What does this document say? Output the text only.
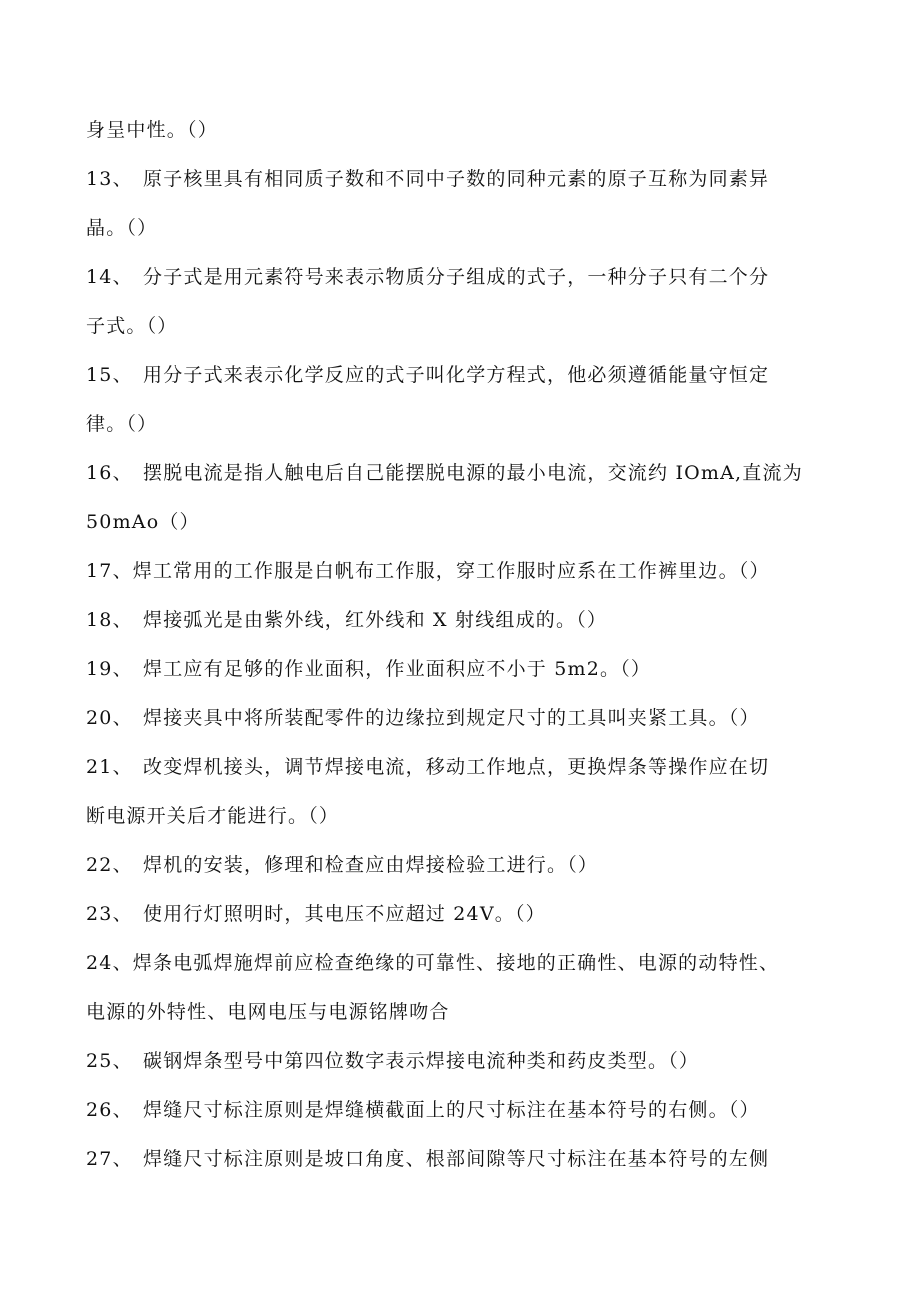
身呈中性。（）
13、 原子核里具有相同质子数和不同中子数的同种元素的原子互称为同素异
晶。（）
14、 分子式是用元素符号来表示物质分子组成的式子，一种分子只有二个分
子式。（）
15、 用分子式来表示化学反应的式子叫化学方程式，他必须遵循能量守恒定
律。（）
16、 摆脱电流是指人触电后自己能摆脱电源的最小电流，交流约 IOmA,直流为
50mAo（）
17、焊工常用的工作服是白帆布工作服，穿工作服时应系在工作裤里边。（）
18、 焊接弧光是由紫外线，红外线和 X 射线组成的。（）
19、 焊工应有足够的作业面积，作业面积应不小于 5m2。（）
20、 焊接夹具中将所装配零件的边缘拉到规定尺寸的工具叫夹紧工具。（）
21、 改变焊机接头，调节焊接电流，移动工作地点，更换焊条等操作应在切
断电源开关后才能进行。（）
22、 焊机的安装，修理和检查应由焊接检验工进行。（）
23、 使用行灯照明时，其电压不应超过 24V。（）
24、焊条电弧焊施焊前应检查绝缘的可靠性、接地的正确性、电源的动特性、
电源的外特性、电网电压与电源铭牌吻合
25、 碳钢焊条型号中第四位数字表示焊接电流种类和药皮类型。（）
26、 焊缝尺寸标注原则是焊缝横截面上的尺寸标注在基本符号的右侧。（）
27、 焊缝尺寸标注原则是坡口角度、根部间隙等尺寸标注在基本符号的左侧
